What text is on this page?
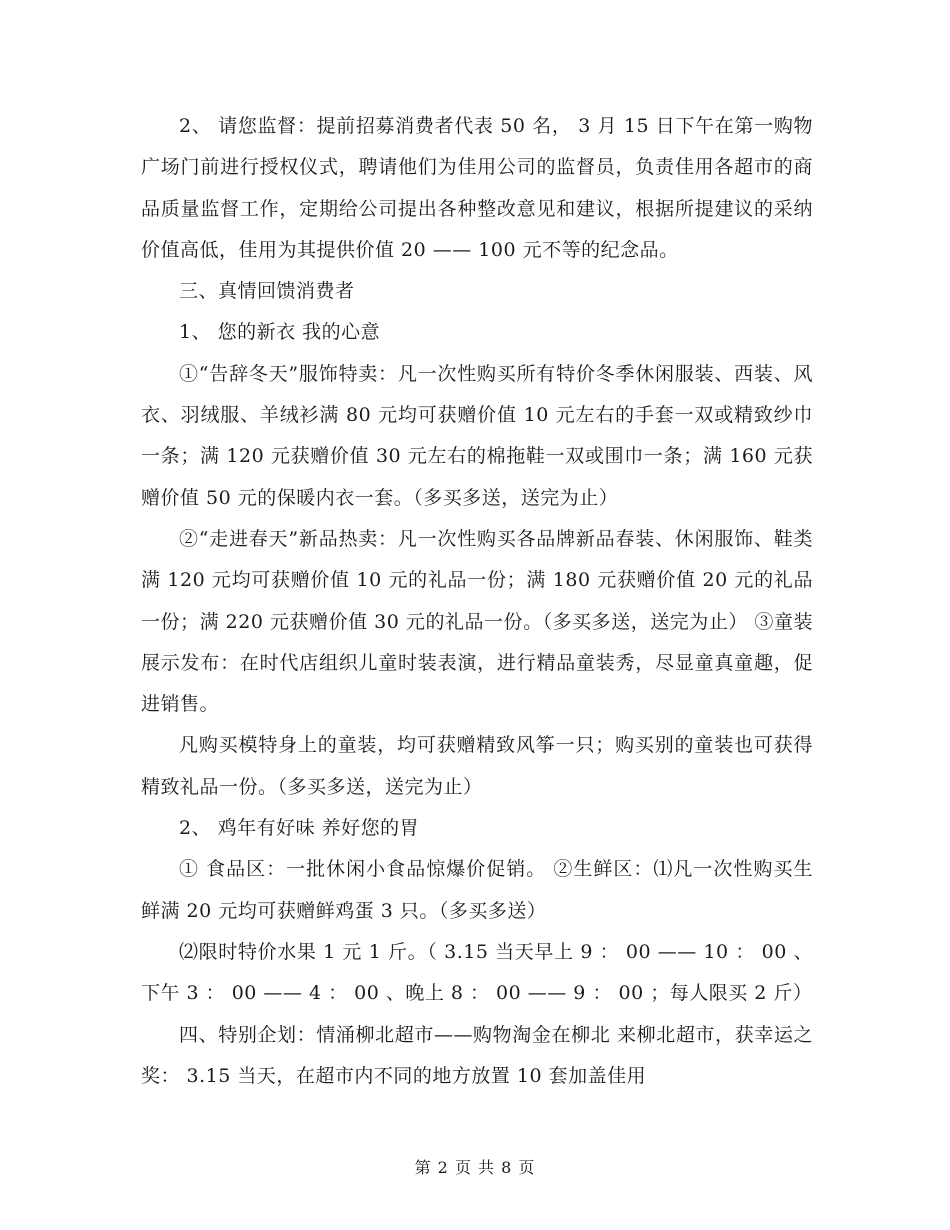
2、 请您监督：提前招募消费者代表 50 名， 3 月 15 日下午在第一购物广场门前进行授权仪式，聘请他们为佳用公司的监督员，负责佳用各超市的商品质量监督工作，定期给公司提出各种整改意见和建议，根据所提建议的采纳价值高低，佳用为其提供价值 20 —— 100 元不等的纪念品。

三、真情回馈消费者

1、 您的新衣 我的心意

①“告辞冬天”服饰特卖：凡一次性购买所有特价冬季休闲服装、西装、风衣、羽绒服、羊绒衫满 80 元均可获赠价值 10 元左右的手套一双或精致纱巾一条；满 120 元获赠价值 30 元左右的棉拖鞋一双或围巾一条；满 160 元获赠价值 50 元的保暖内衣一套。（多买多送，送完为止）

②“走进春天”新品热卖：凡一次性购买各品牌新品春装、休闲服饰、鞋类满 120 元均可获赠价值 10 元的礼品一份；满 180 元获赠价值 20 元的礼品一份；满 220 元获赠价值 30 元的礼品一份。（多买多送，送完为止） ③童装展示发布：在时代店组织儿童时装表演，进行精品童装秀，尽显童真童趣，促进销售。

凡购买模特身上的童装，均可获赠精致风筝一只；购买别的童装也可获得精致礼品一份。（多买多送，送完为止）

2、 鸡年有好味 养好您的胃

① 食品区：一批休闲小食品惊爆价促销。 ②生鲜区：⑴凡一次性购买生鲜满 20 元均可获赠鲜鸡蛋 3 只。（多买多送）

⑵限时特价水果 1 元 1 斤。（ 3.15 当天早上 9 ： 00 —— 10 ： 00 、下午 3 ： 00 —— 4 ： 00 、晚上 8 ： 00 —— 9 ： 00 ；每人限买 2 斤）

四、特别企划：情涌柳北超市——购物淘金在柳北 来柳北超市，获幸运之奖： 3.15 当天，在超市内不同的地方放置 10 套加盖佳用

第 2 页 共 8 页
